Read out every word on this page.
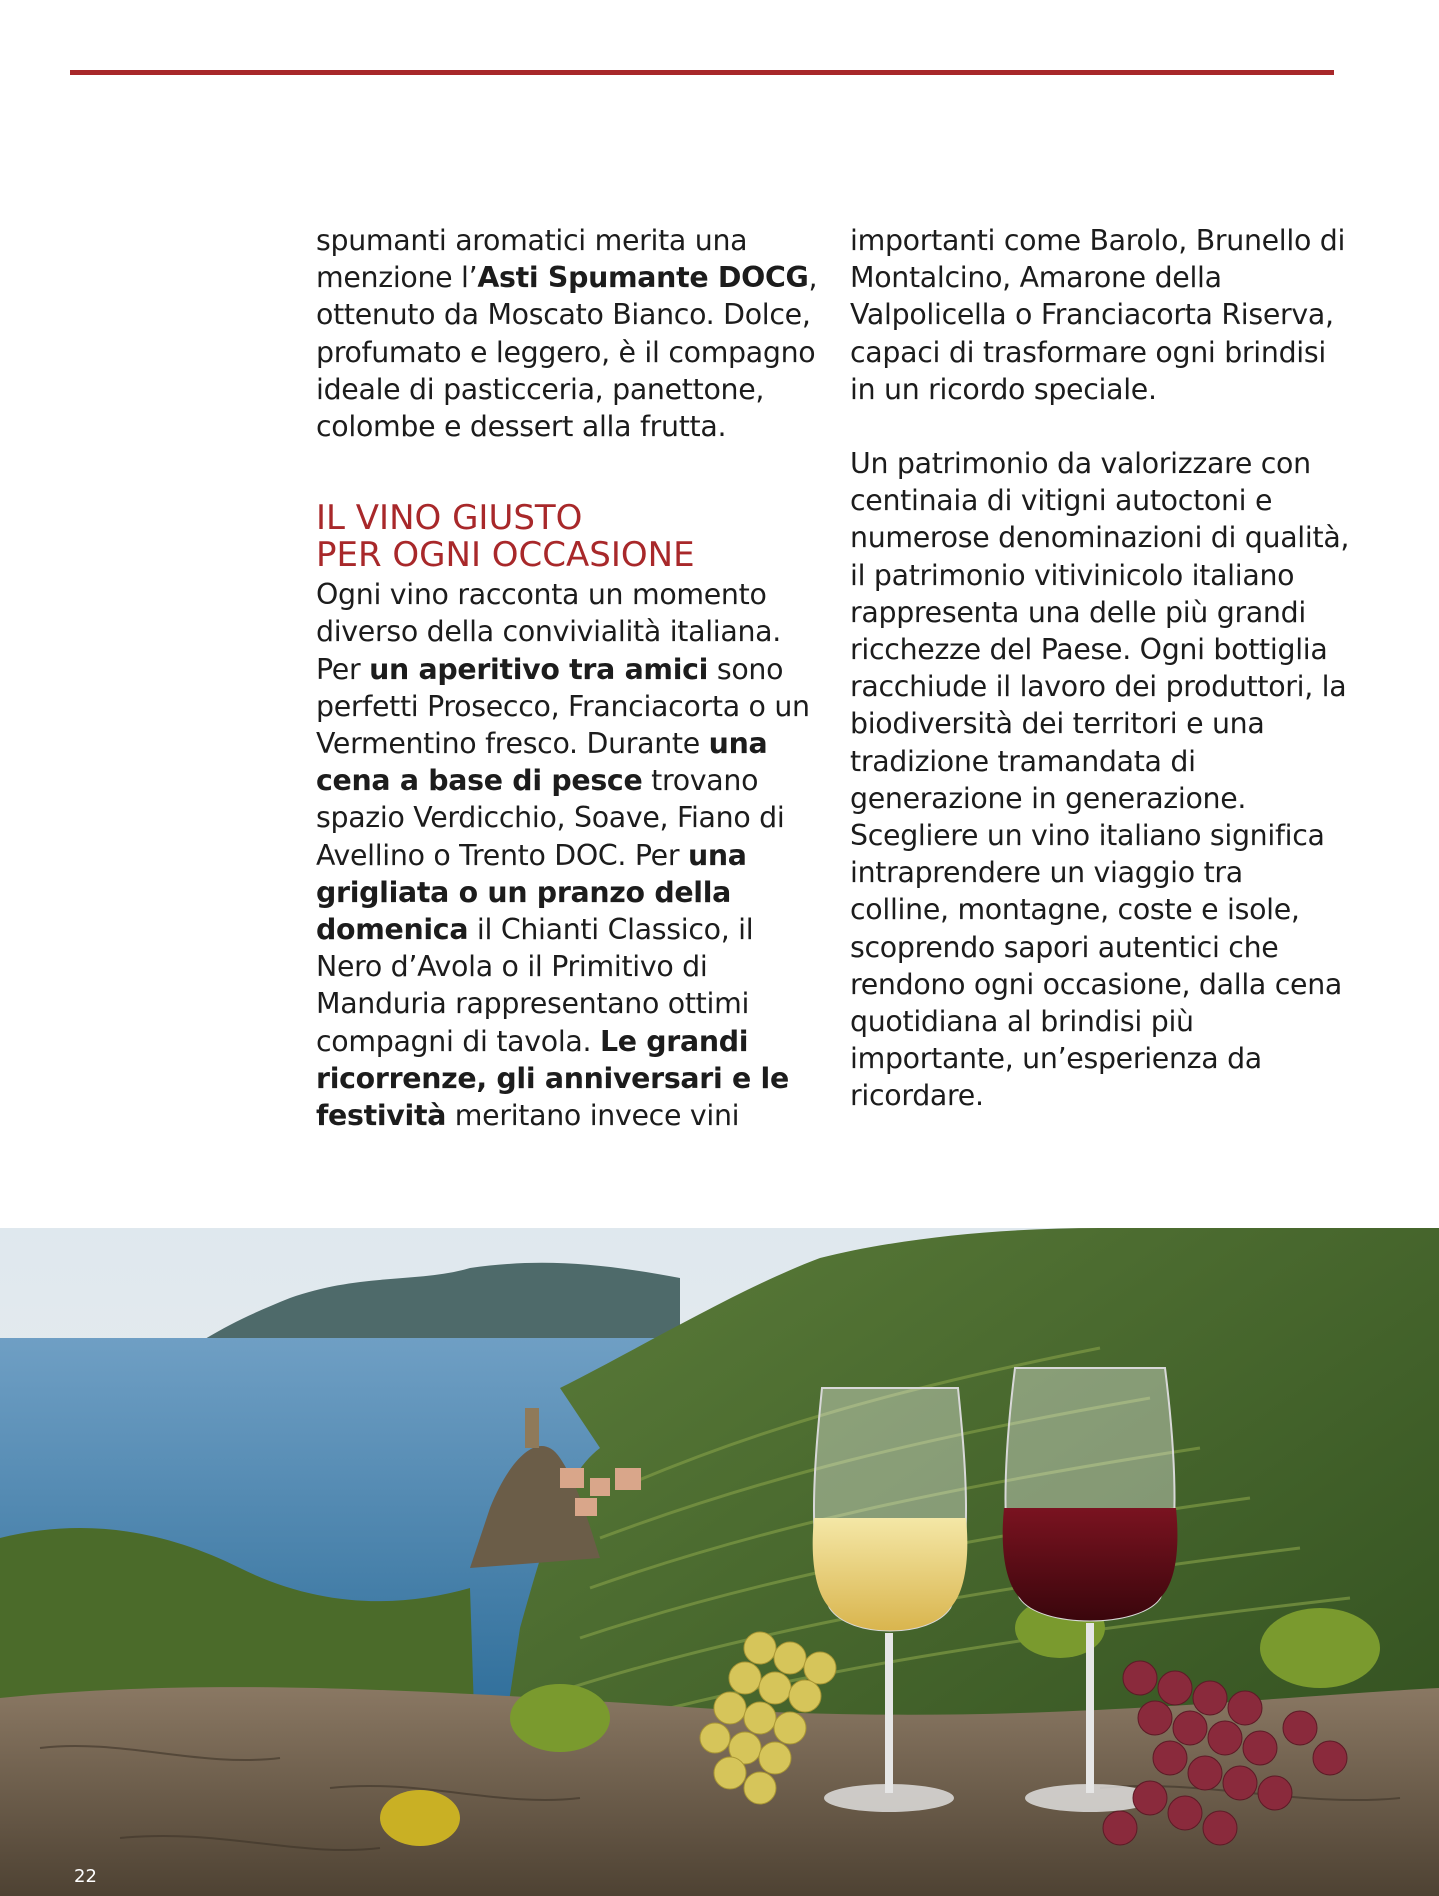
spumanti aromatici merita una menzione l’Asti Spumante DOCG, ottenuto da Moscato Bianco. Dolce, profumato e leggero, è il compagno ideale di pasticceria, panettone, colombe e dessert alla frutta.

IL VINO GIUSTO
PER OGNI OCCASIONE

Ogni vino racconta un momento diverso della convivialità italiana. Per un aperitivo tra amici sono perfetti Prosecco, Franciacorta o un Vermentino fresco. Durante una cena a base di pesce trovano spazio Verdicchio, Soave, Fiano di Avellino o Trento DOC. Per una grigliata o un pranzo della domenica il Chianti Classico, il Nero d’Avola o il Primitivo di Manduria rappresentano ottimi compagni di tavola. Le grandi ricorrenze, gli anniversari e le festività meritano invece vini

importanti come Barolo, Brunello di Montalcino, Amarone della Valpolicella o Franciacorta Riserva, capaci di trasformare ogni brindisi in un ricordo speciale.

Un patrimonio da valorizzare con centinaia di vitigni autoctoni e numerose denominazioni di qualità, il patrimonio vitivinicolo italiano rappresenta una delle più grandi ricchezze del Paese. Ogni bottiglia racchiude il lavoro dei produttori, la biodiversità dei territori e una tradizione tramandata di generazione in generazione. Scegliere un vino italiano significa intraprendere un viaggio tra colline, montagne, coste e isole, scoprendo sapori autentici che rendono ogni occasione, dalla cena quotidiana al brindisi più importante, un’esperienza da ricordare.

22
